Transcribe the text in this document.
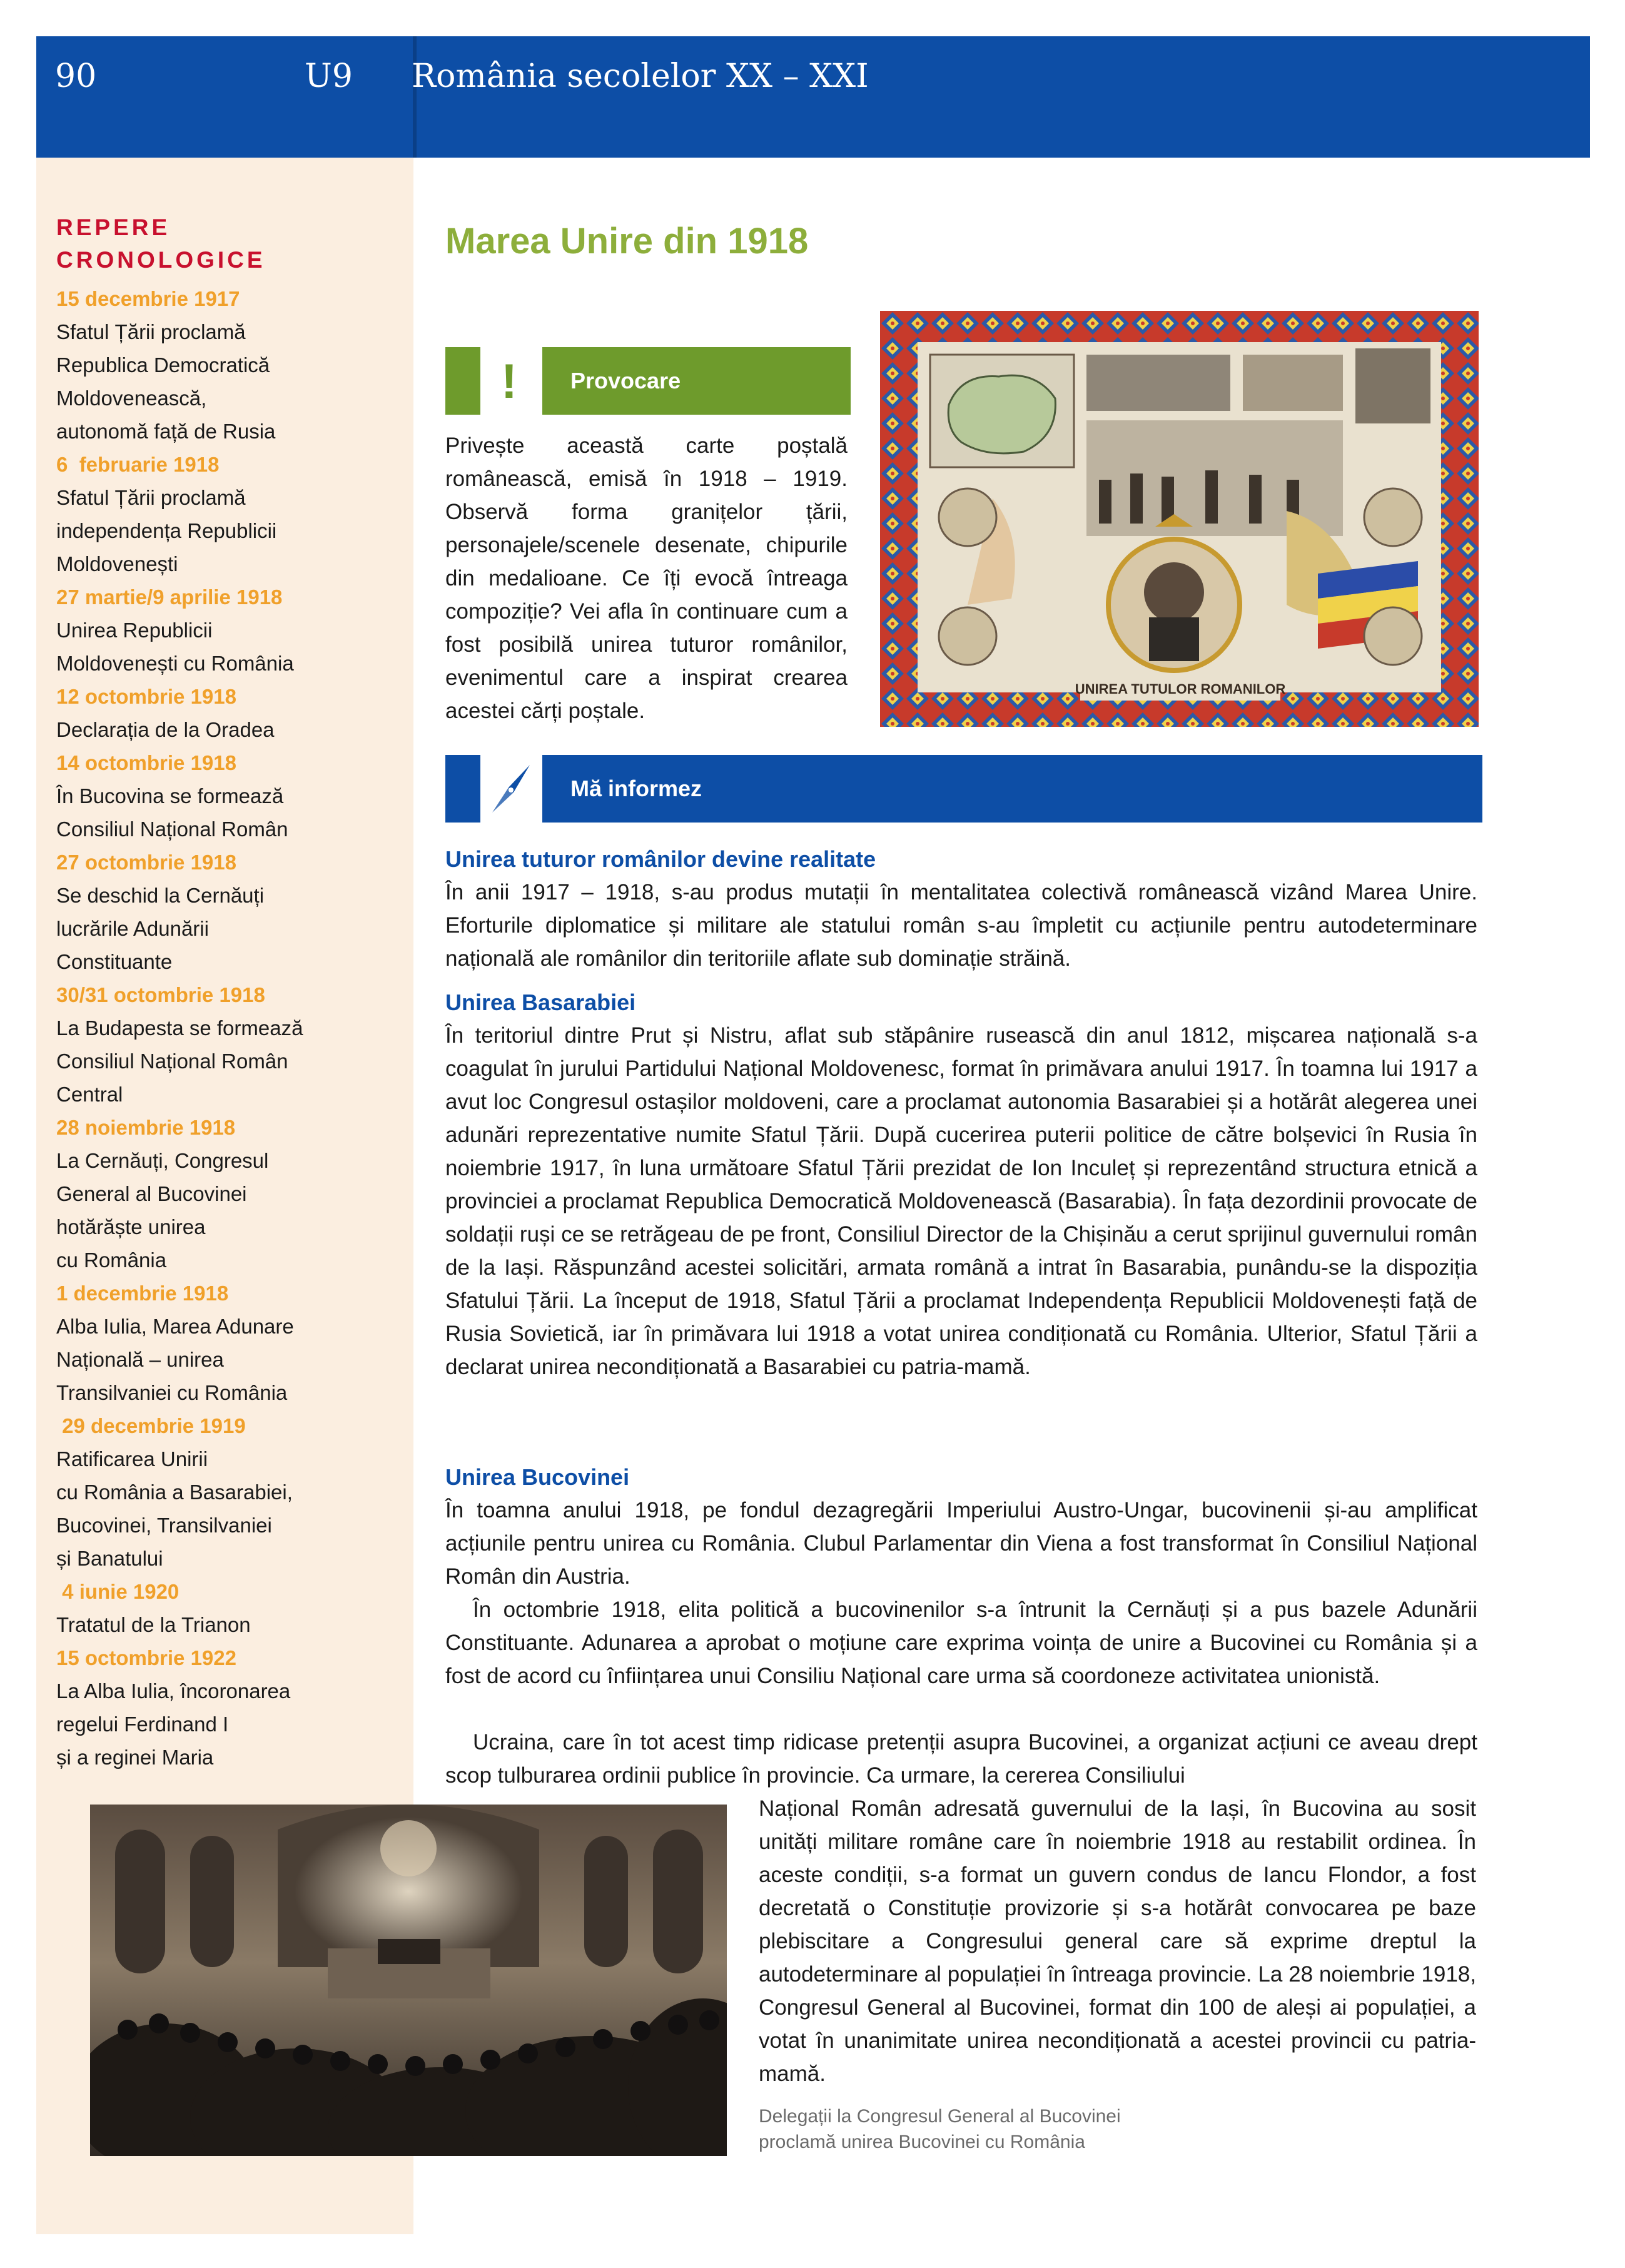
90	U9 România secolelor XX – XXI
REPERE CRONOLOGICE
15 decembrie 1917
Sfatul Țării proclamă
Republica Democratică
Moldovenească,
autonomă față de Rusia
6  februarie 1918
Sfatul Țării proclamă
independența Republicii
Moldovenești
27 martie/9 aprilie 1918
Unirea Republicii
Moldovenești cu România
12 octombrie 1918
Declarația de la Oradea
14 octombrie 1918
În Bucovina se formează
Consiliul Național Român
27 octombrie 1918
Se deschid la Cernăuți
lucrările Adunării
Constituante
30/31 octombrie 1918
La Budapesta se formează
Consiliul Național Român
Central
28 noiembrie 1918
La Cernăuți, Congresul
General al Bucovinei
hotărăște unirea
cu România
1 decembrie 1918
Alba Iulia, Marea Adunare
Națională – unirea
Transilvaniei cu România
29 decembrie 1919
Ratificarea Unirii
cu România a Basarabiei,
Bucovinei, Transilvaniei
și Banatului
4 iunie 1920
Tratatul de la Trianon
15 octombrie 1922
La Alba Iulia, încoronarea
regelui Ferdinand I
și a reginei Maria
Delegații la Congresul General al Bucovinei
proclamă unirea Bucovinei cu România
Marea Unire din 1918
UNIREA TUTULOR ROMANILOR
!	Provocare

Privește această carte poștală românească, emisă în 1918 – 1919. Observă forma granițelor țării, personajele/scenele desenate, chipurile din medalioane. Ce îți evocă întreaga compoziție? Vei afla în continuare cum a fost posibilă unirea tuturor românilor, evenimentul care a inspirat crearea acestei cărți poștale.

Mă informez
Unirea tuturor românilor devine realitate

În anii 1917 – 1918, s-au produs mutații în mentalitatea colectivă românească vizând Marea Unire. Eforturile diplomatice și militare ale statului român s-au împletit cu acțiunile pentru autodeterminare națională ale românilor din teritoriile aflate sub dominație străină.

Unirea Basarabiei

În teritoriul dintre Prut și Nistru, aflat sub stăpânire rusească din anul 1812, mișcarea națională s-a coagulat în jurului Partidului Național Moldovenesc, format în primăvara anului 1917. În toamna lui 1917 a avut loc Congresul ostașilor moldoveni, care a proclamat autonomia Basarabiei și a hotărât alegerea unei adunări reprezentative numite Sfatul Țării. După cucerirea puterii politice de către bolșevici în Rusia în noiembrie 1917, în luna următoare Sfatul Țării prezidat de Ion Inculeț și reprezentând structura etnică a provinciei a proclamat Republica Democratică Moldovenească (Basarabia). În fața dezordinii provocate de soldații ruși ce se retrăgeau de pe front, Consiliul Director de la Chișinău a cerut sprijinul guvernului român de la Iași. Răspunzând acestei solicitări, armata română a intrat în Basarabia, punându-se la dispoziția Sfatului Țării. La început de 1918, Sfatul Țării a proclamat Independența Republicii Moldovenești față de Rusia Sovietică, iar în primăvara lui 1918 a votat unirea condiționată cu România. Ulterior, Sfatul Țării a declarat unirea necondiționată a Basarabiei cu patria-mamă.

Unirea Bucovinei

În toamna anului 1918, pe fondul dezagregării Imperiului Austro-Ungar, bucovinenii și-au amplificat acțiunile pentru unirea cu România. Clubul Parlamentar din Viena a fost transformat în Consiliul Național Român din Austria.

În octombrie 1918, elita politică a bucovinenilor s-a întrunit la Cernăuți și a pus bazele Adunării Constituante. Adunarea a aprobat o moțiune care exprima voința de unire a Bucovinei cu România și a fost de acord cu înființarea unui Consiliu Național care urma să coordoneze activitatea unionistă.

Ucraina, care în tot acest timp ridicase pretenții asupra Bucovinei, a organizat acțiuni ce aveau drept scop tulburarea ordinii publice în provincie. Ca urmare, la cererea Consiliului

Național Român adresată guvernului de la Iași, în Bucovina au sosit unități militare române care în noiembrie 1918 au restabilit ordinea. În aceste condiții, s-a format un guvern condus de Iancu Flondor, a fost decretată o Constituție provizorie și s-a hotărât convocarea pe baze plebiscitare a Congresului general care să exprime dreptul la autodeterminare al populației în întreaga provincie. La 28 noiembrie 1918, Congresul General al Bucovinei, format din 100 de aleși ai populației, a votat în unanimitate unirea necondiționată a acestei provincii cu patria-mamă.
